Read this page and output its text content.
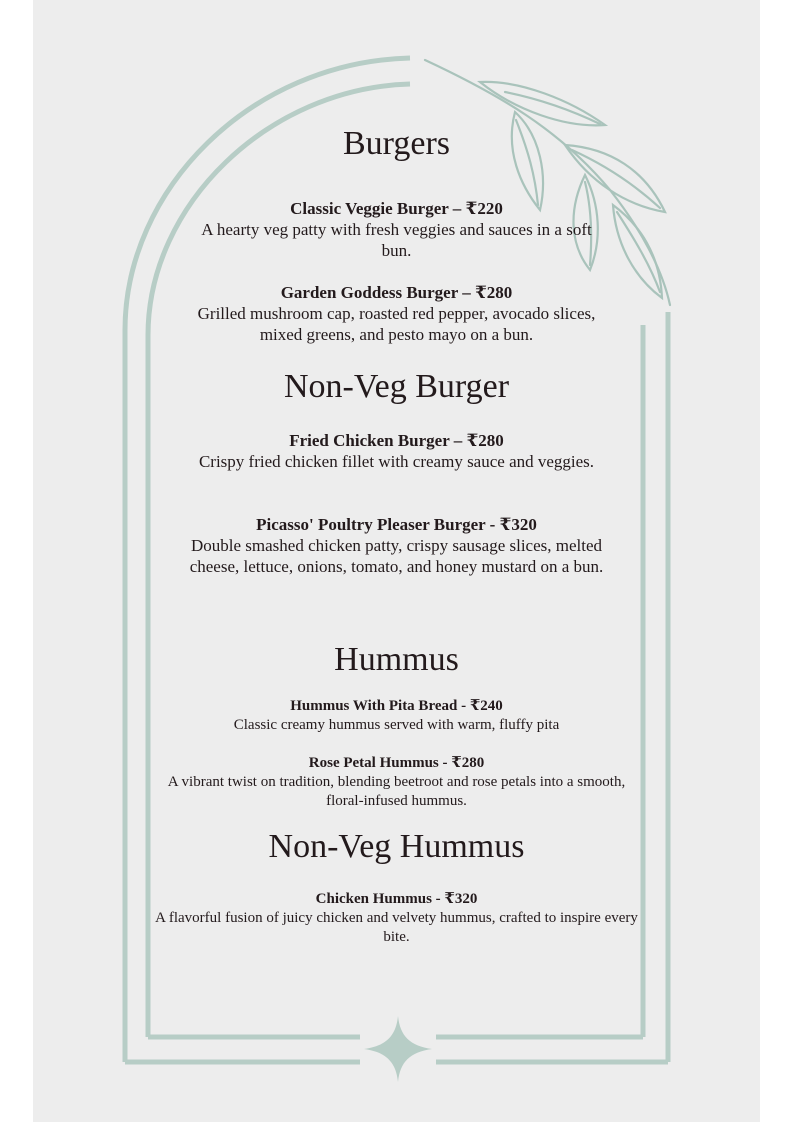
Burgers

Classic Veggie Burger – ₹220

A hearty veg patty with fresh veggies and sauces in a soft bun.

Garden Goddess Burger – ₹280

Grilled mushroom cap, roasted red pepper, avocado slices, mixed greens, and pesto mayo on a bun.

Non-Veg Burger

Fried Chicken Burger – ₹280

Crispy fried chicken fillet with creamy sauce and veggies.

Picasso' Poultry Pleaser Burger - ₹320

Double smashed chicken patty, crispy sausage slices, melted cheese, lettuce, onions, tomato, and honey mustard on a bun.

Hummus

Hummus With Pita Bread - ₹240

Classic creamy hummus served with warm, fluffy pita

Rose Petal Hummus - ₹280

A vibrant twist on tradition, blending beetroot and rose petals into a smooth, floral-infused hummus.

Non-Veg Hummus

Chicken Hummus - ₹320

A flavorful fusion of juicy chicken and velvety hummus, crafted to inspire every bite.
